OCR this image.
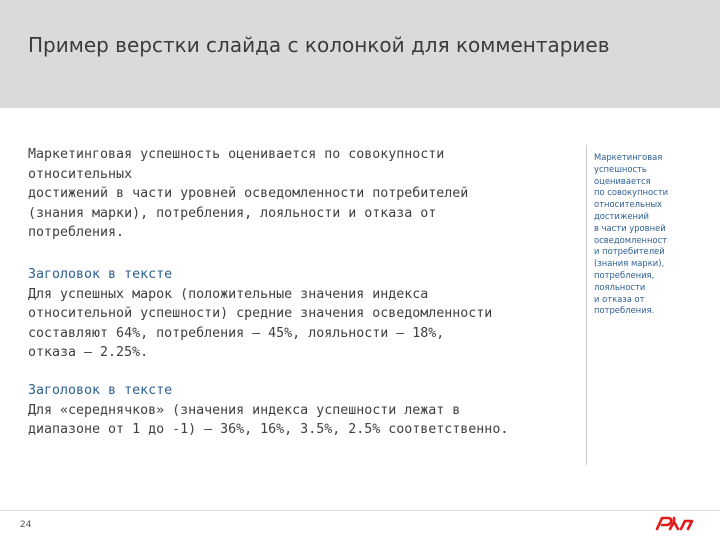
Пример верстки слайда с колонкой для комментариев

Маркетинговая успешность оценивается по совокупности

относительных

достижений в части уровней осведомленности потребителей

(знания марки), потребления, лояльности и отказа от

потребления.

Заголовок в тексте

Для успешных марок (положительные значения индекса

относительной успешности) средние значения осведомленности

составляют 64%, потребления — 45%, лояльности — 18%,

отказа — 2.25%.

Заголовок в тексте

Для «середнячков» (значения индекса успешности лежат в

диапазоне от 1 до -1) — 36%, 16%, 3.5%, 2.5% соответственно.

Маркетинговая

успешность

оценивается

по совокупности

относительных

достижений

в части уровней

осведомленност

и потребителей

(знания марки),

потребления,

лояльности

и отказа от

потребления.

24
